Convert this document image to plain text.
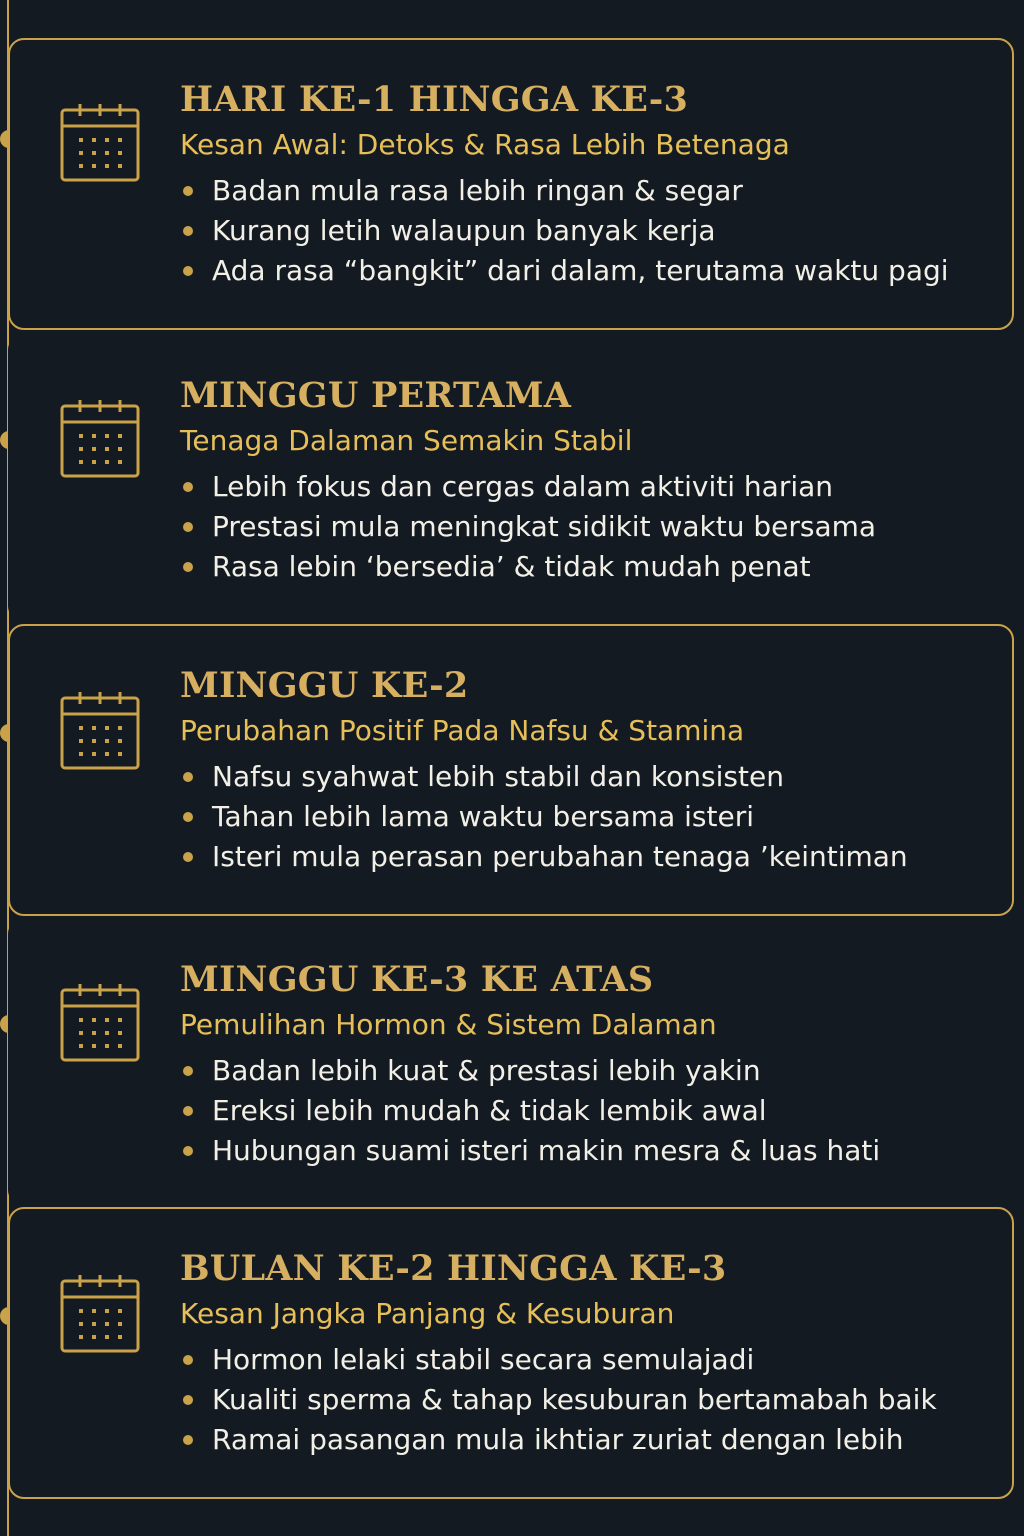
HARI KE-1 HINGGA KE-3
Kesan Awal: Detoks & Rasa Lebih Betenaga
Badan mula rasa lebih ringan & segar
Kurang letih walaupun banyak kerja
Ada rasa “bangkit” dari dalam, terutama waktu pagi
MINGGU PERTAMA
Tenaga Dalaman Semakin Stabil
Lebih fokus dan cergas dalam aktiviti harian
Prestasi mula meningkat sidikit waktu bersama
Rasa lebin ‘bersedia’ & tidak mudah penat
MINGGU KE-2
Perubahan Positif Pada Nafsu & Stamina
Nafsu syahwat lebih stabil dan konsisten
Tahan lebih lama waktu bersama isteri
Isteri mula perasan perubahan tenaga ’keintiman
MINGGU KE-3 KE ATAS
Pemulihan Hormon & Sistem Dalaman
Badan lebih kuat & prestasi lebih yakin
Ereksi lebih mudah & tidak lembik awal
Hubungan suami isteri makin mesra & luas hati
BULAN KE-2 HINGGA KE-3
Kesan Jangka Panjang & Kesuburan
Hormon lelaki stabil secara semulajadi
Kualiti sperma & tahap kesuburan bertamabah baik
Ramai pasangan mula ikhtiar zuriat dengan lebih
